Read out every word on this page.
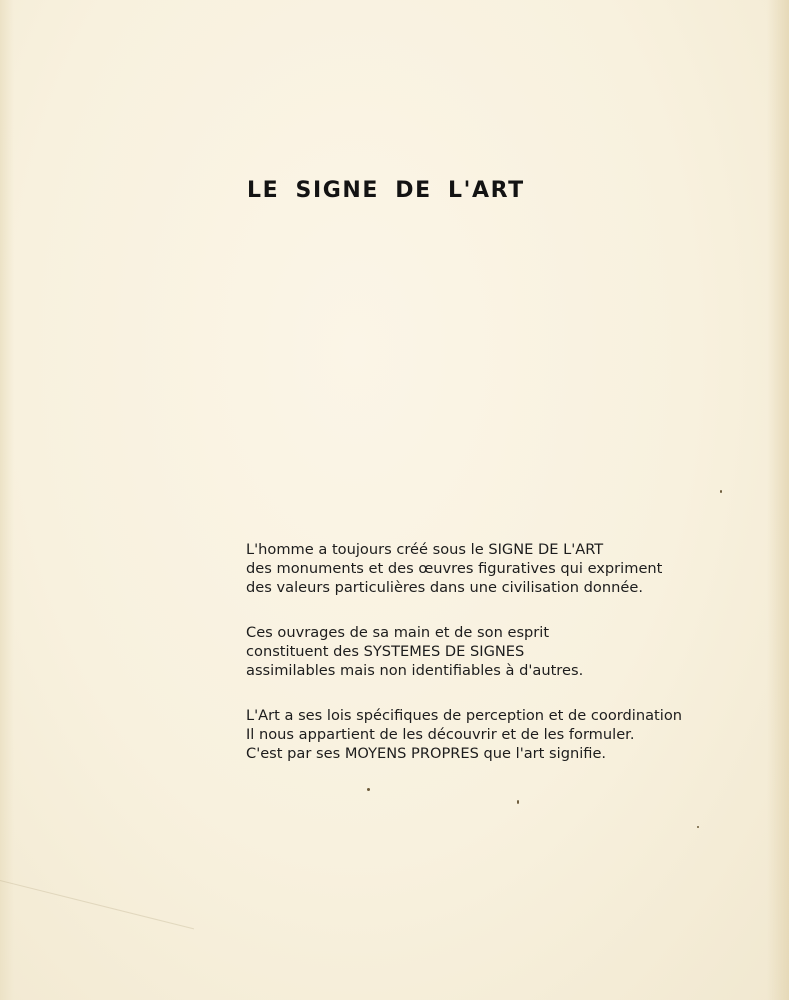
LE SIGNE DE L'ART

L'homme a toujours créé sous le SIGNE DE L'ART
des monuments et des œuvres figuratives qui expriment
des valeurs particulières dans une civilisation donnée.

Ces ouvrages de sa main et de son esprit
constituent des SYSTEMES DE SIGNES
assimilables mais non identifiables à d'autres.

L'Art a ses lois spécifiques de perception et de coordination
Il nous appartient de les découvrir et de les formuler.
C'est par ses MOYENS PROPRES que l'art signifie.
